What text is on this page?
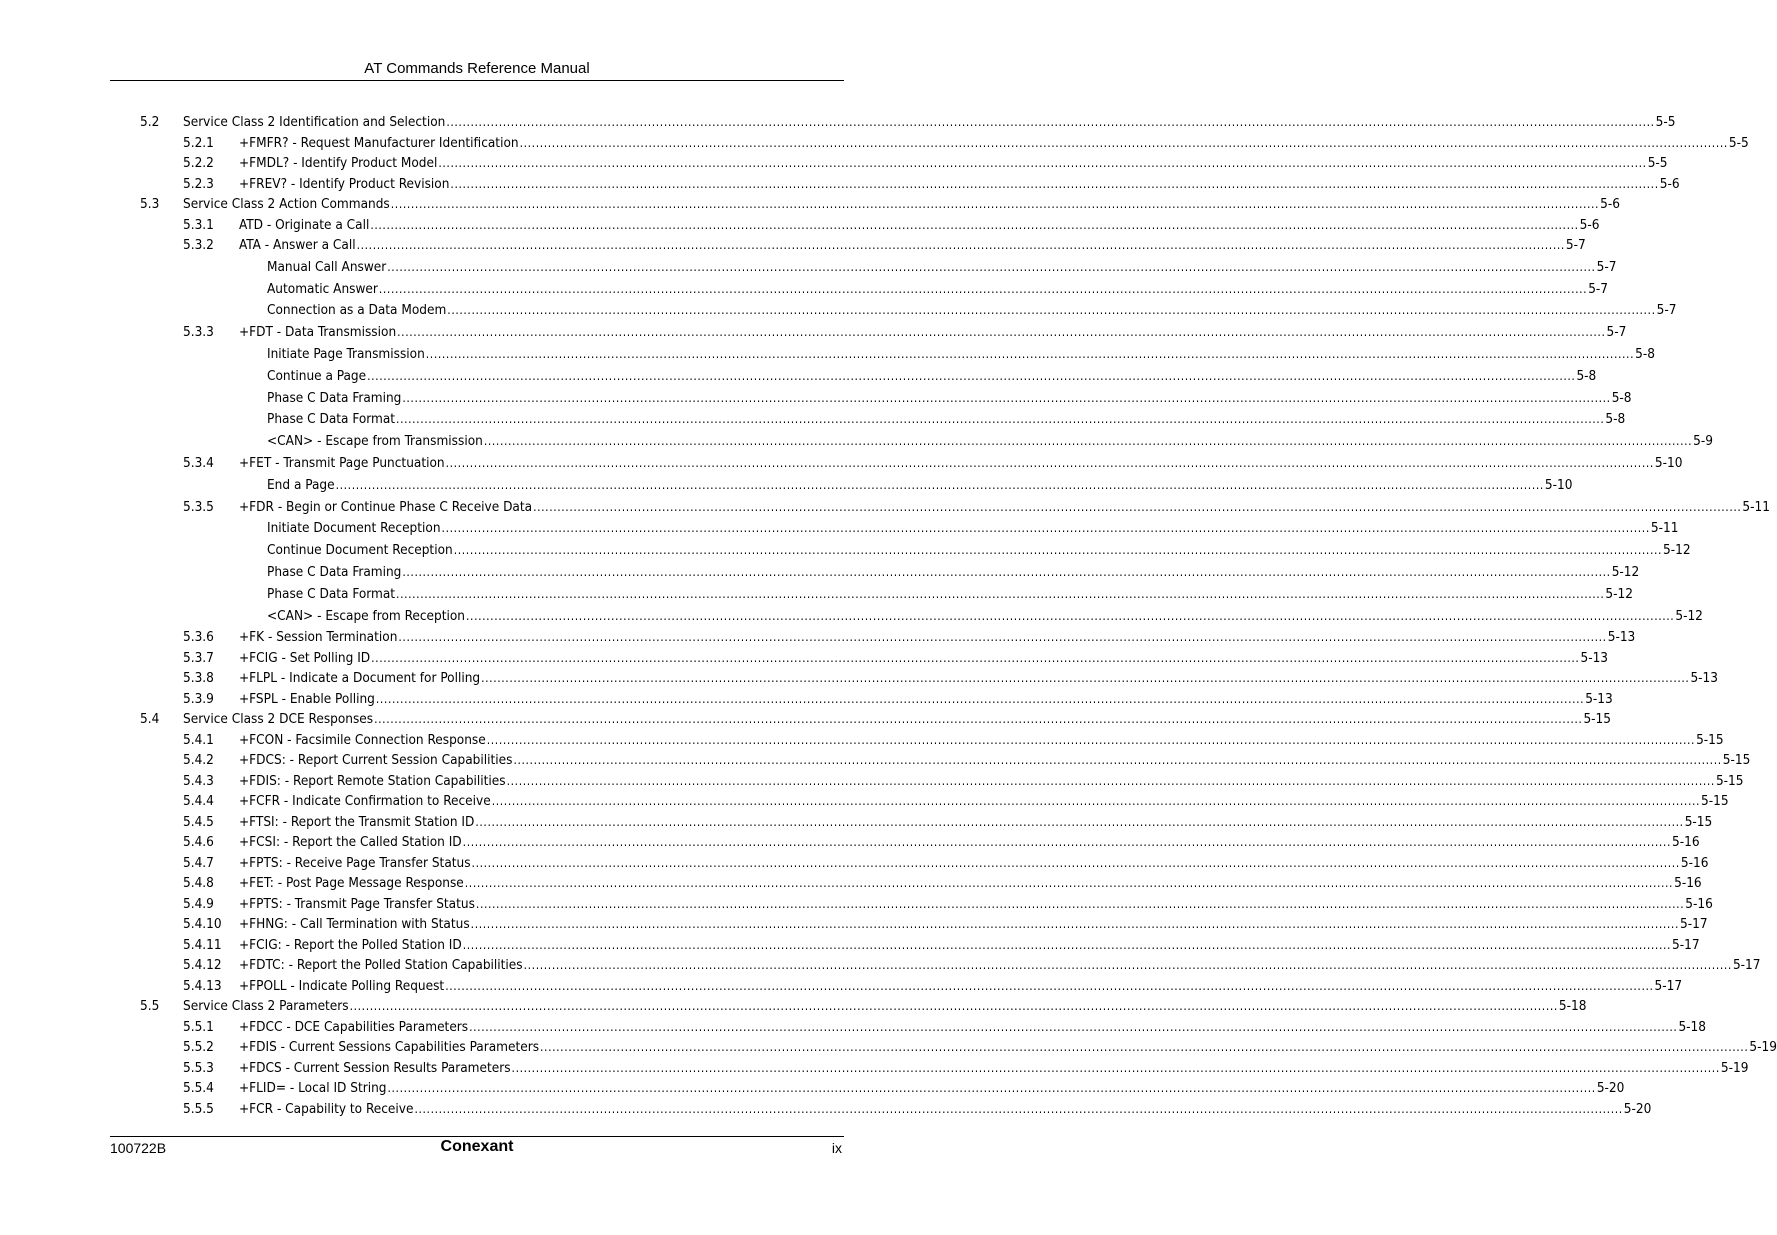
AT Commands Reference Manual
5.2 Service Class 2 Identification and Selection ............................................................................................................................................................................................................................................................................................................ 5-5
5.2.1 +FMFR? - Request Manufacturer Identification ............................................................................................................................................................................................................................................................................................................ 5-5
5.2.2 +FMDL? - Identify Product Model ............................................................................................................................................................................................................................................................................................................ 5-5
5.2.3 +FREV? - Identify Product Revision ............................................................................................................................................................................................................................................................................................................ 5-6
5.3 Service Class 2 Action Commands ............................................................................................................................................................................................................................................................................................................ 5-6
5.3.1 ATD - Originate a Call ............................................................................................................................................................................................................................................................................................................ 5-6
5.3.2 ATA - Answer a Call ............................................................................................................................................................................................................................................................................................................ 5-7
Manual Call Answer ............................................................................................................................................................................................................................................................................................................ 5-7
Automatic Answer ............................................................................................................................................................................................................................................................................................................ 5-7
Connection as a Data Modem ............................................................................................................................................................................................................................................................................................................ 5-7
5.3.3 +FDT - Data Transmission ............................................................................................................................................................................................................................................................................................................ 5-7
Initiate Page Transmission ............................................................................................................................................................................................................................................................................................................ 5-8
Continue a Page ............................................................................................................................................................................................................................................................................................................ 5-8
Phase C Data Framing ............................................................................................................................................................................................................................................................................................................ 5-8
Phase C Data Format ............................................................................................................................................................................................................................................................................................................ 5-8
<CAN> - Escape from Transmission ............................................................................................................................................................................................................................................................................................................ 5-9
5.3.4 +FET - Transmit Page Punctuation ............................................................................................................................................................................................................................................................................................................ 5-10
End a Page ............................................................................................................................................................................................................................................................................................................ 5-10
5.3.5 +FDR - Begin or Continue Phase C Receive Data ............................................................................................................................................................................................................................................................................................................ 5-11
Initiate Document Reception ............................................................................................................................................................................................................................................................................................................ 5-11
Continue Document Reception ............................................................................................................................................................................................................................................................................................................ 5-12
Phase C Data Framing ............................................................................................................................................................................................................................................................................................................ 5-12
Phase C Data Format ............................................................................................................................................................................................................................................................................................................ 5-12
<CAN> - Escape from Reception ............................................................................................................................................................................................................................................................................................................ 5-12
5.3.6 +FK - Session Termination ............................................................................................................................................................................................................................................................................................................ 5-13
5.3.7 +FCIG - Set Polling ID ............................................................................................................................................................................................................................................................................................................ 5-13
5.3.8 +FLPL - Indicate a Document for Polling ............................................................................................................................................................................................................................................................................................................ 5-13
5.3.9 +FSPL - Enable Polling ............................................................................................................................................................................................................................................................................................................ 5-13
5.4 Service Class 2 DCE Responses ............................................................................................................................................................................................................................................................................................................ 5-15
5.4.1 +FCON - Facsimile Connection Response ............................................................................................................................................................................................................................................................................................................ 5-15
5.4.2 +FDCS: - Report Current Session Capabilities ............................................................................................................................................................................................................................................................................................................ 5-15
5.4.3 +FDIS: - Report Remote Station Capabilities ............................................................................................................................................................................................................................................................................................................ 5-15
5.4.4 +FCFR - Indicate Confirmation to Receive ............................................................................................................................................................................................................................................................................................................ 5-15
5.4.5 +FTSI: - Report the Transmit Station ID ............................................................................................................................................................................................................................................................................................................ 5-15
5.4.6 +FCSI: - Report the Called Station ID ............................................................................................................................................................................................................................................................................................................ 5-16
5.4.7 +FPTS: - Receive Page Transfer Status ............................................................................................................................................................................................................................................................................................................ 5-16
5.4.8 +FET: - Post Page Message Response ............................................................................................................................................................................................................................................................................................................ 5-16
5.4.9 +FPTS: - Transmit Page Transfer Status ............................................................................................................................................................................................................................................................................................................ 5-16
5.4.10 +FHNG: - Call Termination with Status ............................................................................................................................................................................................................................................................................................................ 5-17
5.4.11 +FCIG: - Report the Polled Station ID ............................................................................................................................................................................................................................................................................................................ 5-17
5.4.12 +FDTC: - Report the Polled Station Capabilities ............................................................................................................................................................................................................................................................................................................ 5-17
5.4.13 +FPOLL - Indicate Polling Request ............................................................................................................................................................................................................................................................................................................ 5-17
5.5 Service Class 2 Parameters ............................................................................................................................................................................................................................................................................................................ 5-18
5.5.1 +FDCC - DCE Capabilities Parameters ............................................................................................................................................................................................................................................................................................................ 5-18
5.5.2 +FDIS - Current Sessions Capabilities Parameters ............................................................................................................................................................................................................................................................................................................ 5-19
5.5.3 +FDCS - Current Session Results Parameters ............................................................................................................................................................................................................................................................................................................ 5-19
5.5.4 +FLID= - Local ID String ............................................................................................................................................................................................................................................................................................................ 5-20
5.5.5 +FCR - Capability to Receive ............................................................................................................................................................................................................................................................................................................ 5-20
100722B	Conexant	ix
